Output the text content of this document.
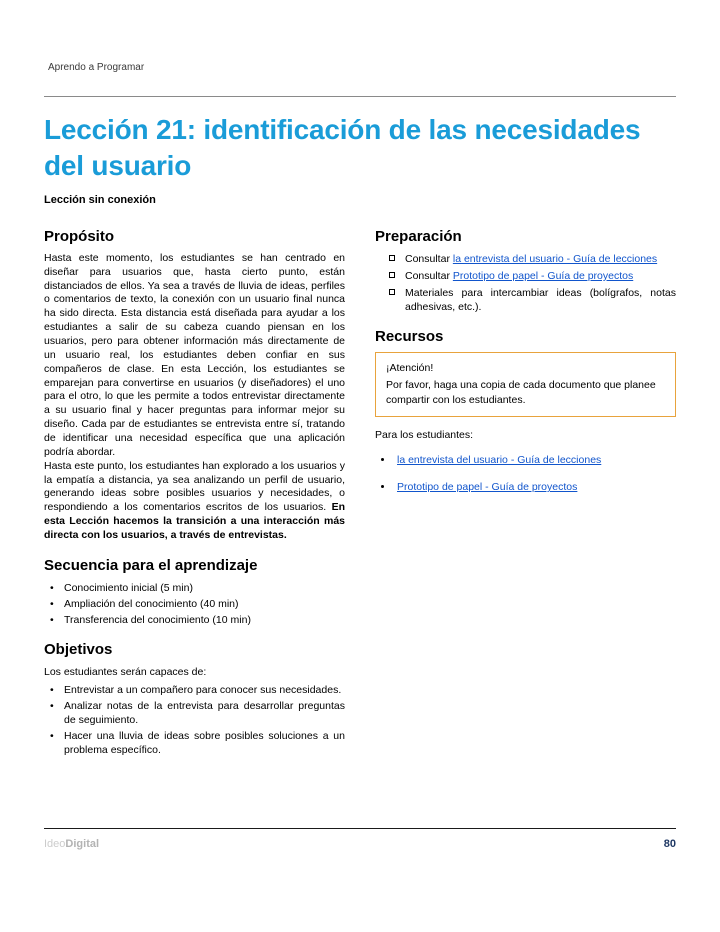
Aprendo a Programar
Lección 21: identificación de las necesidades del usuario
Lección sin conexión
Propósito

Hasta este momento, los estudiantes se han centrado en diseñar para usuarios que, hasta cierto punto, están distanciados de ellos. Ya sea a través de lluvia de ideas, perfiles o comentarios de texto, la conexión con un usuario final nunca ha sido directa. Esta distancia está diseñada para ayudar a los estudiantes a salir de su cabeza cuando piensan en los usuarios, pero para obtener información más directamente de un usuario real, los estudiantes deben confiar en sus compañeros de clase. En esta Lección, los estudiantes se emparejan para convertirse en usuarios (y diseñadores) el uno para el otro, lo que les permite a todos entrevistar directamente a su usuario final y hacer preguntas para informar mejor su diseño. Cada par de estudiantes se entrevista entre sí, tratando de identificar una necesidad específica que una aplicación podría abordar.

Hasta este punto, los estudiantes han explorado a los usuarios y la empatía a distancia, ya sea analizando un perfil de usuario, generando ideas sobre posibles usuarios y necesidades, o respondiendo a los comentarios escritos de los usuarios. En esta Lección hacemos la transición a una interacción más directa con los usuarios, a través de entrevistas.

Secuencia para el aprendizaje
• Conocimiento inicial (5 min)
• Ampliación del conocimiento (40 min)
• Transferencia del conocimiento (10 min)
Objetivos

Los estudiantes serán capaces de:

• Entrevistar a un compañero para conocer sus necesidades.
• Analizar notas de la entrevista para desarrollar preguntas de seguimiento.
• Hacer una lluvia de ideas sobre posibles soluciones a un problema específico.
Preparación
Consultar la entrevista del usuario - Guía de lecciones
Consultar Prototipo de papel - Guía de proyectos
Materiales para intercambiar ideas (bolígrafos, notas adhesivas, etc.).
Recursos
¡Atención!
Por favor, haga una copia de cada documento que planee compartir con los estudiantes.

Para los estudiantes:

la entrevista del usuario - Guía de lecciones
Prototipo de papel - Guía de proyectos
IdeoDigital	80
